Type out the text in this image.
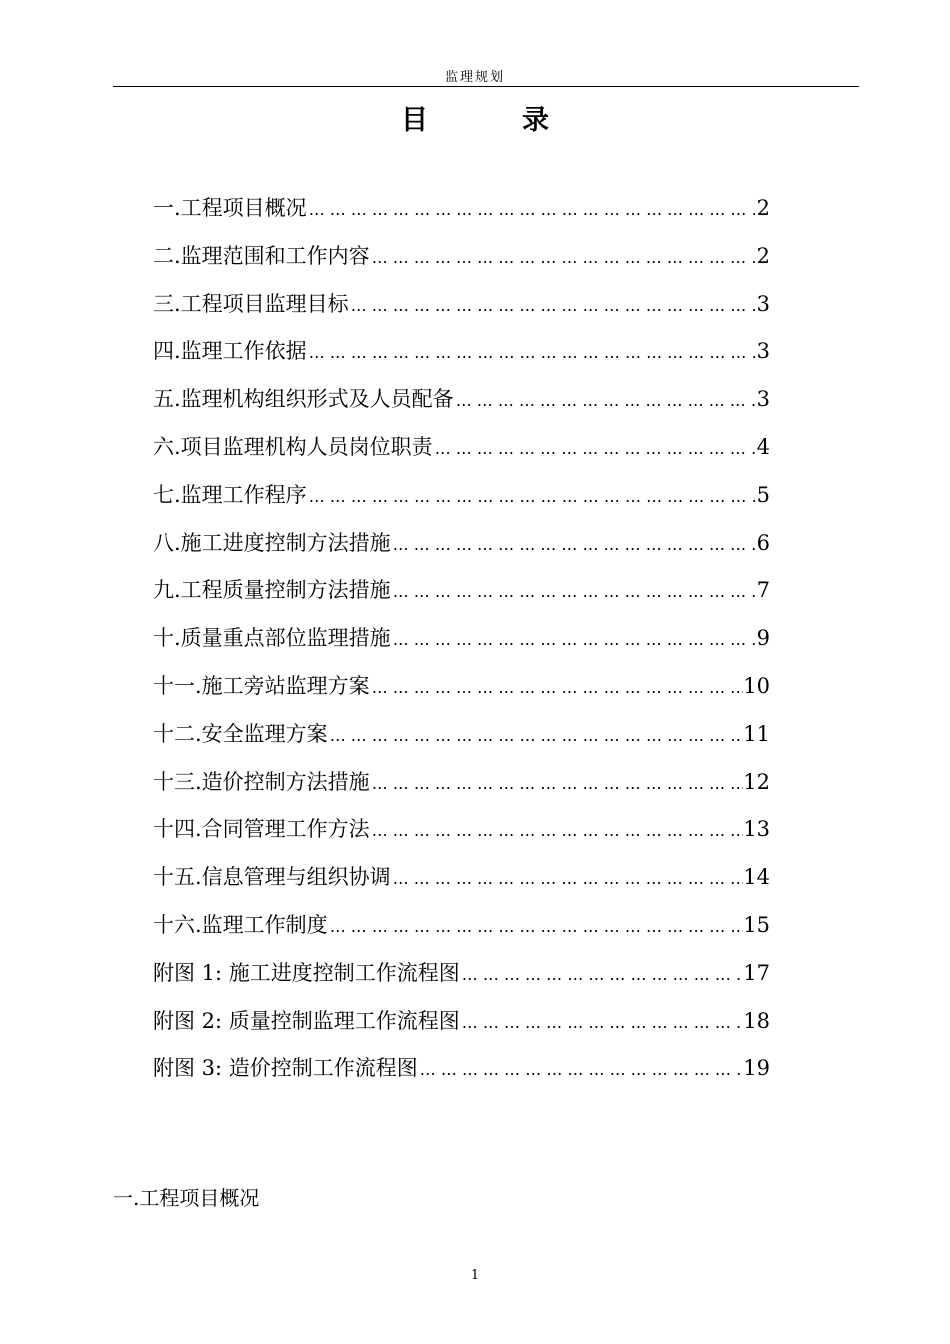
监理规划
目	录
一.工程项目概况 … … … … … … … … … … … … … … … … … … … … … … … … … … … … … … … … … … … … … … … … … … …	2
二.监理范围和工作内容 … … … … … … … … … … … … … … … … … … … … … … … … … … … … … … … … … … … … … … … … … … …	2
三.工程项目监理目标 … … … … … … … … … … … … … … … … … … … … … … … … … … … … … … … … … … … … … … … … … … …	3
四.监理工作依据 … … … … … … … … … … … … … … … … … … … … … … … … … … … … … … … … … … … … … … … … … … …	3
五.监理机构组织形式及人员配备 … … … … … … … … … … … … … … … … … … … … … … … … … … … … … … … … … … … … … … … … … … …	3
六.项目监理机构人员岗位职责 … … … … … … … … … … … … … … … … … … … … … … … … … … … … … … … … … … … … … … … … … … …	4
七.监理工作程序 … … … … … … … … … … … … … … … … … … … … … … … … … … … … … … … … … … … … … … … … … … …	5
八.施工进度控制方法措施 … … … … … … … … … … … … … … … … … … … … … … … … … … … … … … … … … … … … … … … … … … …	6
九.工程质量控制方法措施 … … … … … … … … … … … … … … … … … … … … … … … … … … … … … … … … … … … … … … … … … … …	7
十.质量重点部位监理措施 … … … … … … … … … … … … … … … … … … … … … … … … … … … … … … … … … … … … … … … … … … …	9
十一.施工旁站监理方案 … … … … … … … … … … … … … … … … … … … … … … … … … … … … … … … … … … … … … … … … … … …	10
十二.安全监理方案 … … … … … … … … … … … … … … … … … … … … … … … … … … … … … … … … … … … … … … … … … … …	11
十三.造价控制方法措施 … … … … … … … … … … … … … … … … … … … … … … … … … … … … … … … … … … … … … … … … … … …	12
十四.合同管理工作方法 … … … … … … … … … … … … … … … … … … … … … … … … … … … … … … … … … … … … … … … … … … …	13
十五.信息管理与组织协调 … … … … … … … … … … … … … … … … … … … … … … … … … … … … … … … … … … … … … … … … … … …	14
十六.监理工作制度 … … … … … … … … … … … … … … … … … … … … … … … … … … … … … … … … … … … … … … … … … … …	15
附图 1: 施工进度控制工作流程图 … … … … … … … … … … … … … … … … … … … … … … … … … … … … … … … … … … … … … … … … … … …	17
附图 2: 质量控制监理工作流程图 … … … … … … … … … … … … … … … … … … … … … … … … … … … … … … … … … … … … … … … … … … …	18
附图 3: 造价控制工作流程图 … … … … … … … … … … … … … … … … … … … … … … … … … … … … … … … … … … … … … … … … … … …	19
一.工程项目概况
1
